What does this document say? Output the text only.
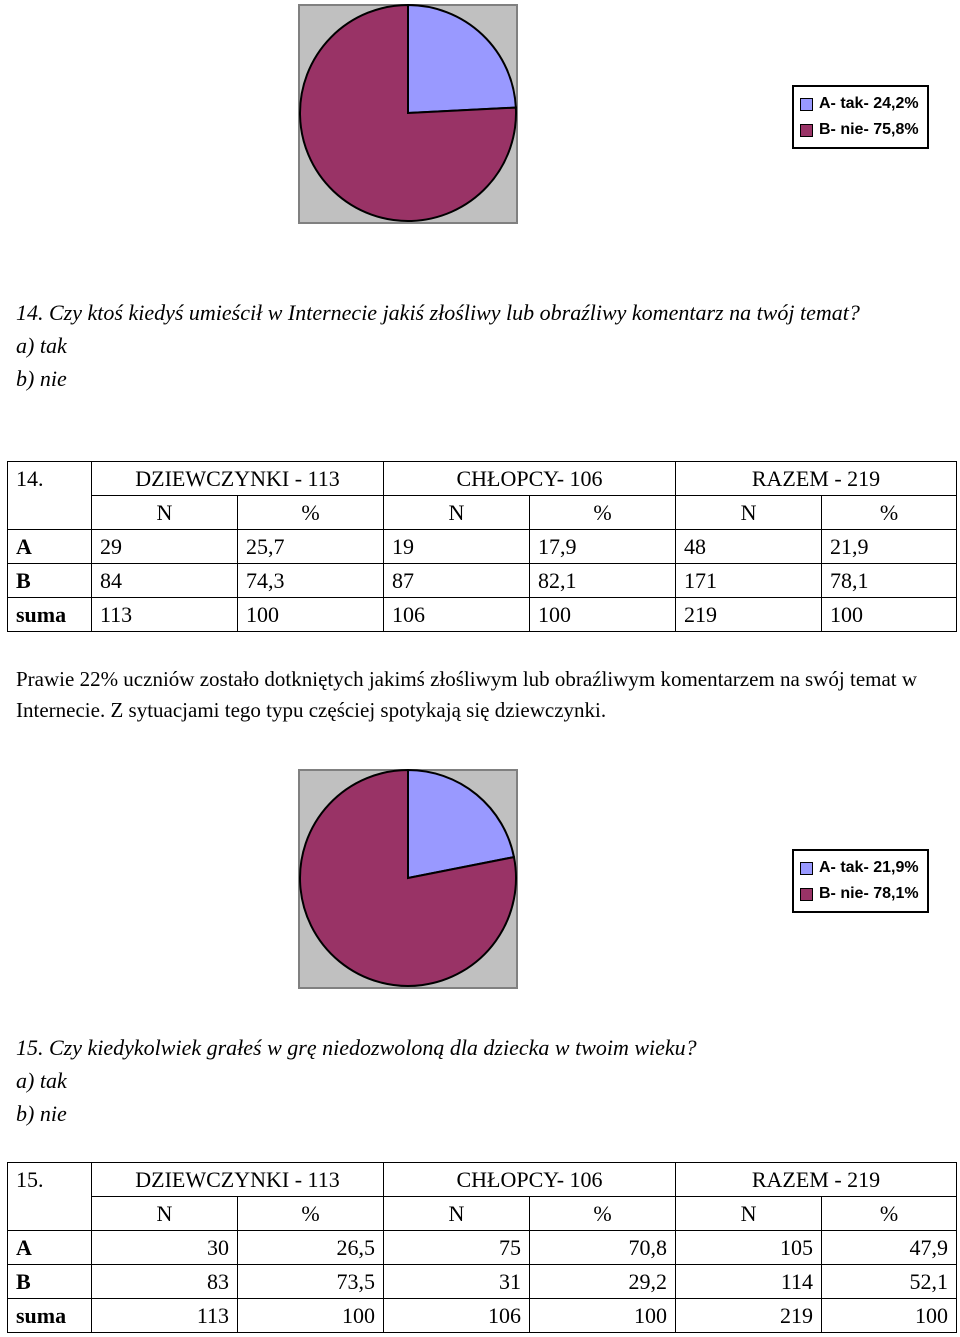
A- tak- 24,2%
B- nie- 75,8%

14. Czy ktoś kiedyś umieścił w Internecie jakiś złośliwy lub obraźliwy komentarz na twój temat?

a) tak

b) nie

14.	DZIEWCZYNKI - 113		CHŁOPCY- 106		RAZEM - 219	
	N	%	N	%	N	%
A	29	25,7	19	17,9	48	21,9
B	84	74,3	87	82,1	171	78,1
suma	113	100	106	100	219	100

Prawie 22% uczniów zostało dotkniętych jakimś złośliwym lub obraźliwym komentarzem na swój temat w Internecie. Z sytuacjami tego typu częściej spotykają się dziewczynki.

A- tak- 21,9%
B- nie- 78,1%

15. Czy kiedykolwiek grałeś w grę niedozwoloną dla dziecka w twoim wieku?

a) tak

b) nie

15.	DZIEWCZYNKI - 113		CHŁOPCY- 106		RAZEM - 219	
	N	%	N	%	N	%
A	30	26,5	75	70,8	105	47,9
B	83	73,5	31	29,2	114	52,1
suma	113	100	106	100	219	100
